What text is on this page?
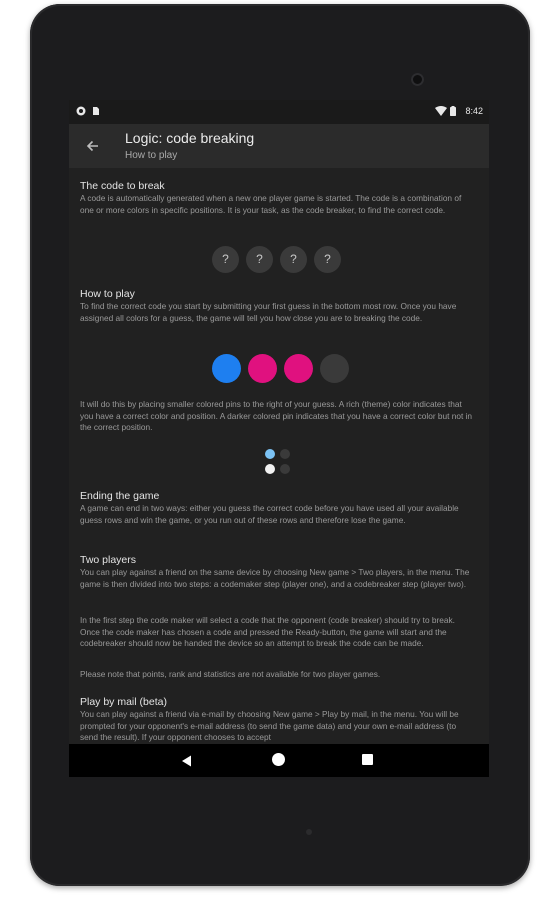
8:42
Logic: code breaking
How to play
The code to break

A code is automatically generated when a new one player game is started. The code is a combination of one or more colors in specific positions. It is your task, as the code breaker, to find the correct code.

?	?	?	?
How to play

To find the correct code you start by submitting your first guess in the bottom most row. Once you have assigned all colors for a guess, the game will tell you how close you are to breaking the code.

It will do this by placing smaller colored pins to the right of your guess. A rich (theme) color indicates that you have a correct color and position. A darker colored pin indicates that you have a correct color but not in the correct position.

Ending the game

A game can end in two ways: either you guess the correct code before you have used all your available guess rows and win the game, or you run out of these rows and therefore lose the game.

Two players

You can play against a friend on the same device by choosing New game > Two players, in the menu. The game is then divided into two steps: a codemaker step (player one), and a codebreaker step (player two).

In the first step the code maker will select a code that the opponent (code breaker) should try to break. Once the code maker has chosen a code and pressed the Ready-button, the game will start and the codebreaker should now be handed the device so an attempt to break the code can be made.

Please note that points, rank and statistics are not available for two player games.

Play by mail (beta)

You can play against a friend via e-mail by choosing New game > Play by mail, in the menu. You will be prompted for your opponent's e-mail address (to send the game data) and your own e-mail address (to send the result). If your opponent chooses to accept
